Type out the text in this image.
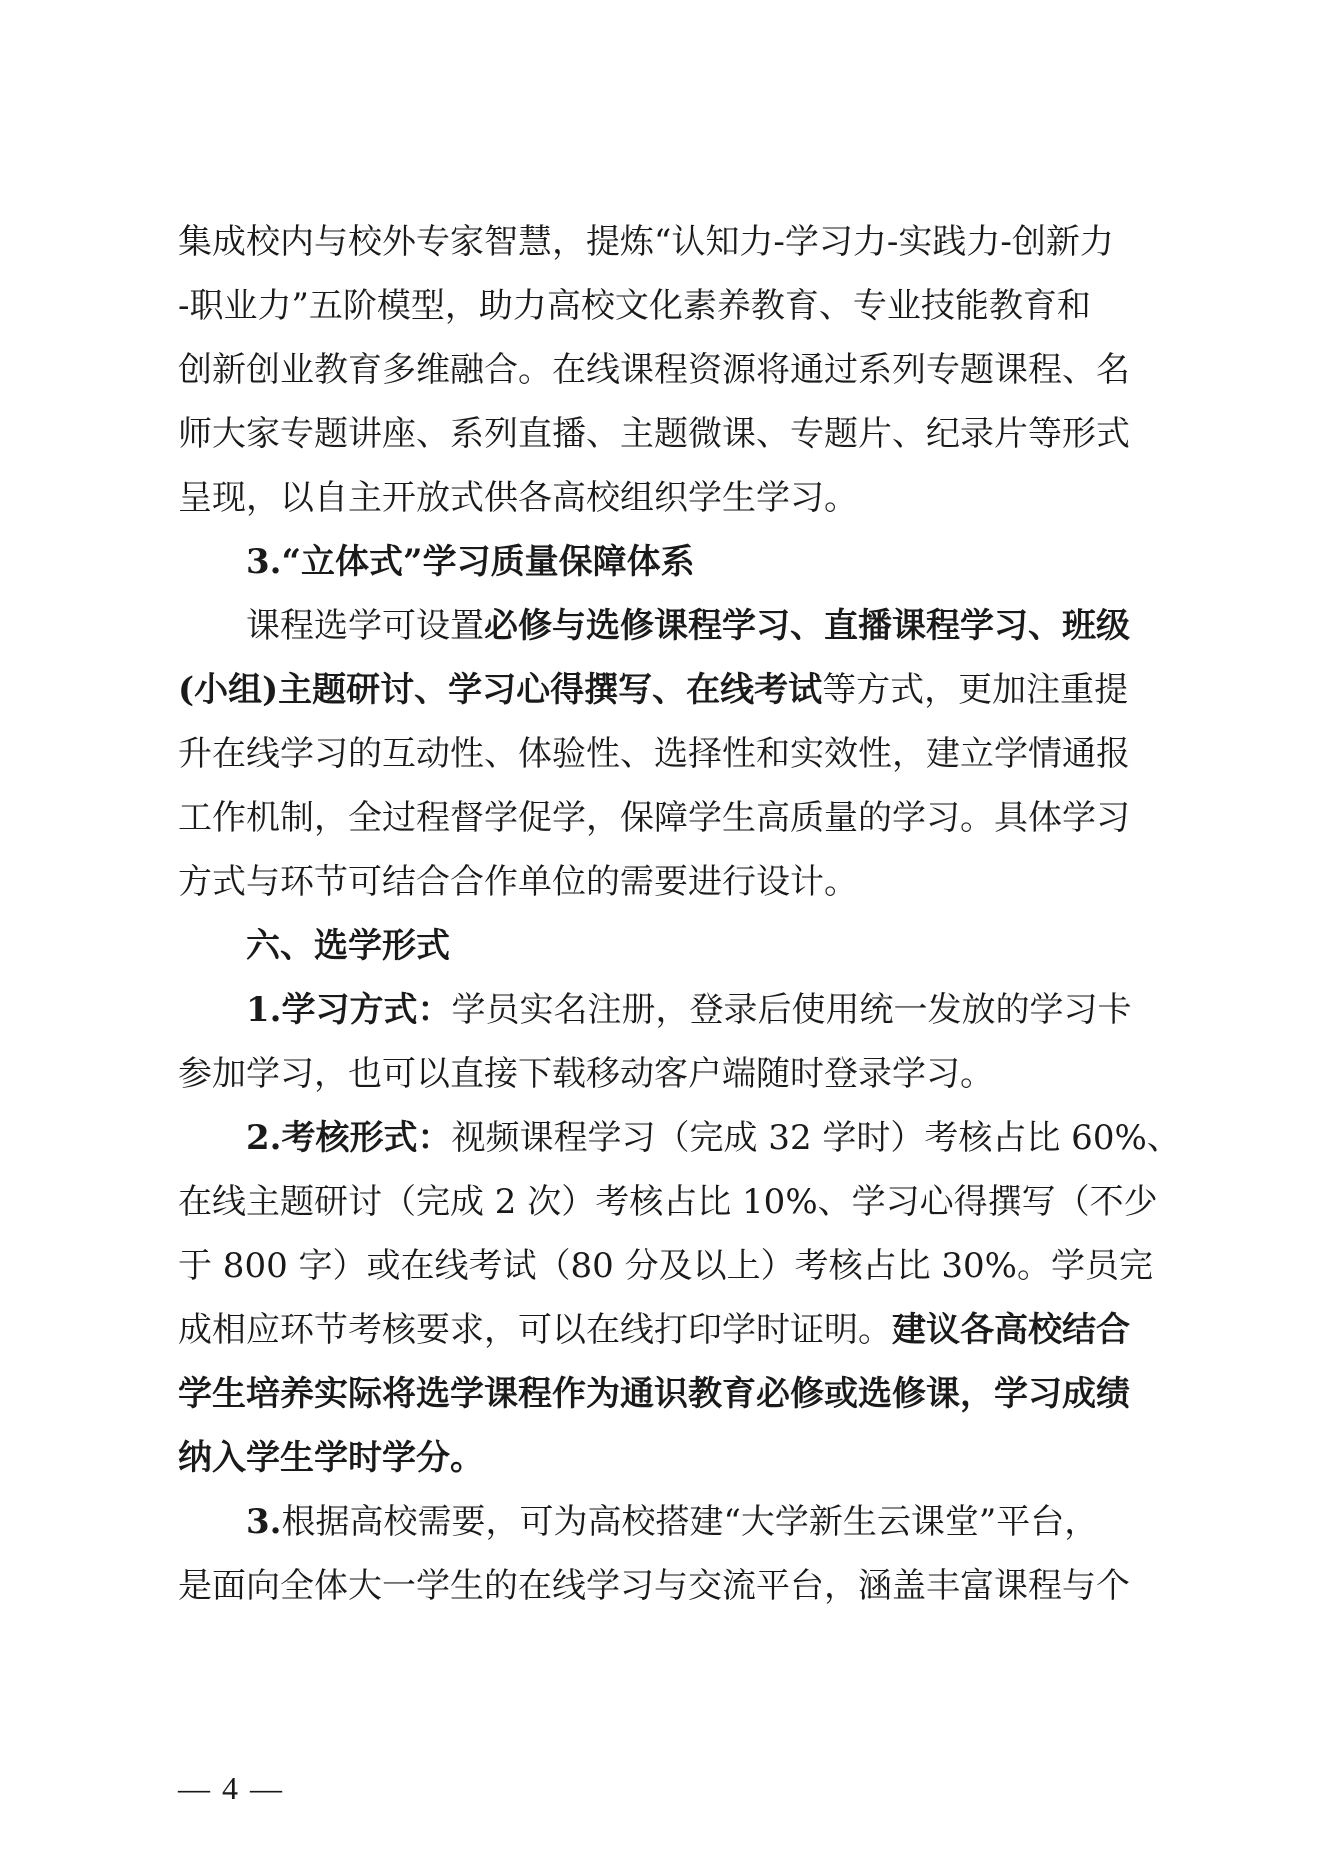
集成校内与校外专家智慧，提炼“认知力-学习力-实践力-创新力
-职业力”五阶模型，助力高校文化素养教育、专业技能教育和
创新创业教育多维融合。在线课程资源将通过系列专题课程、名
师大家专题讲座、系列直播、主题微课、专题片、纪录片等形式
呈现，以自主开放式供各高校组织学生学习。
3.“立体式”学习质量保障体系
课程选学可设置必修与选修课程学习、直播课程学习、班级
(小组)主题研讨、学习心得撰写、在线考试等方式，更加注重提
升在线学习的互动性、体验性、选择性和实效性，建立学情通报
工作机制，全过程督学促学，保障学生高质量的学习。具体学习
方式与环节可结合合作单位的需要进行设计。
六、选学形式
1.学习方式：学员实名注册，登录后使用统一发放的学习卡
参加学习，也可以直接下载移动客户端随时登录学习。
2.考核形式：视频课程学习（完成 32 学时）考核占比 60%、
在线主题研讨（完成 2 次）考核占比 10%、学习心得撰写（不少
于 800 字）或在线考试（80 分及以上）考核占比 30%。学员完
成相应环节考核要求，可以在线打印学时证明。建议各高校结合
学生培养实际将选学课程作为通识教育必修或选修课，学习成绩
纳入学生学时学分。
3.根据高校需要，可为高校搭建“大学新生云课堂”平台，
是面向全体大一学生的在线学习与交流平台，涵盖丰富课程与个
— 4 —
